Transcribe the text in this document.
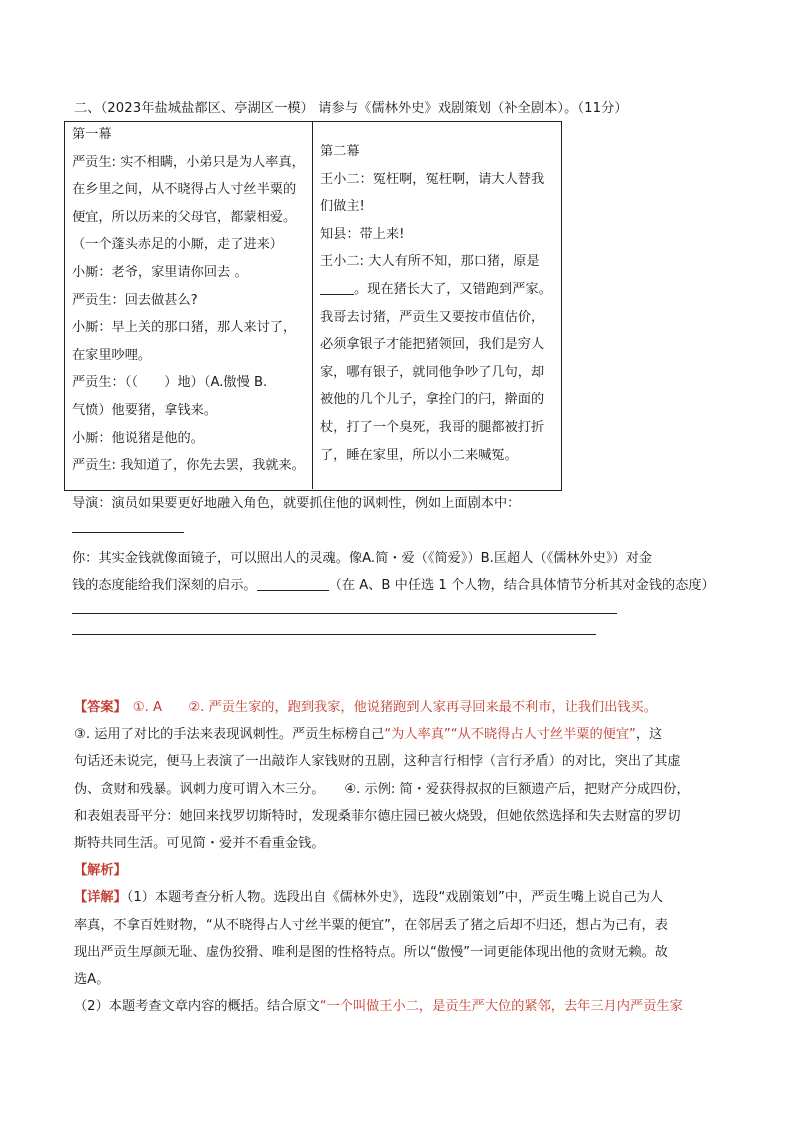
二、（2023年盐城盐都区、亭湖区一模） 请参与《儒林外史》戏剧策划（补全剧本）。（11分）

第一幕

严贡生: 实不相瞒，小弟只是为人率真，

在乡里之间，从不晓得占人寸丝半粟的

便宜，所以历来的父母官，都蒙相爱。

（一个蓬头赤足的小厮，走了进来）

小厮：老爷，家里请你回去 。

严贡生：回去做甚么?

小厮：早上关的那口猪，那人来讨了，

在家里吵哩。

严贡生：（（　　）地）（A.傲慢 B.

气愤）他要猪，拿钱来。

小厮：他说猪是他的。

严贡生: 我知道了，你先去罢，我就来。

第二幕

王小二：冤枉啊，冤枉啊，请大人替我

们做主!

知县：带上来!

王小二: 大人有所不知，那口猪，原是

。现在猪长大了，又错跑到严家。

我哥去讨猪，严贡生又要按市值估价，

必须拿银子才能把猪领回，我们是穷人

家，哪有银子，就同他争吵了几句，却

被他的几个儿子，拿拴门的闩，擀面的

杖，打了一个臭死，我哥的腿都被打折

了，睡在家里，所以小二来喊冤。

导演：演员如果要更好地融入角色，就要抓住他的讽刺性，例如上面剧本中：
你：其实金钱就像面镜子，可以照出人的灵魂。像A.简・爱（《简爱》）B.匡超人（《儒林外史》）对金
钱的态度能给我们深刻的启示。	（在 A、B 中任选 1 个人物，结合具体情节分析其对金钱的态度）

【答案】 ①. A　　②. 严贡生家的，跑到我家，他说猪跑到人家再寻回来最不利市，让我们出钱买。

③. 运用了对比的手法来表现讽刺性。严贡生标榜自己“为人率真”“从不晓得占人寸丝半粟的便宜”，这

句话还未说完，便马上表演了一出敲诈人家钱财的丑剧，这种言行相悖（言行矛盾）的对比，突出了其虚

伪、贪财和残暴。讽刺力度可谓入木三分。　　④. 示例: 简・爱获得叔叔的巨额遗产后，把财产分成四份，

和表姐表哥平分：她回来找罗切斯特时，发现桑菲尔德庄园已被火烧毁，但她依然选择和失去财富的罗切

斯特共同生活。可见简・爱并不看重金钱。

【解析】

【详解】（1）本题考查分析人物。选段出自《儒林外史》，选段“戏剧策划”中，严贡生嘴上说自己为人

率真，不拿百姓财物，“从不晓得占人寸丝半粟的便宜”，在邻居丢了猪之后却不归还，想占为己有，表

现出严贡生厚颜无耻、虚伪狡猾、唯利是图的性格特点。所以“傲慢”一词更能体现出他的贪财无赖。故

选A。

（2）本题考查文章内容的概括。结合原文“一个叫做王小二，是贡生严大位的紧邻，去年三月内严贡生家
